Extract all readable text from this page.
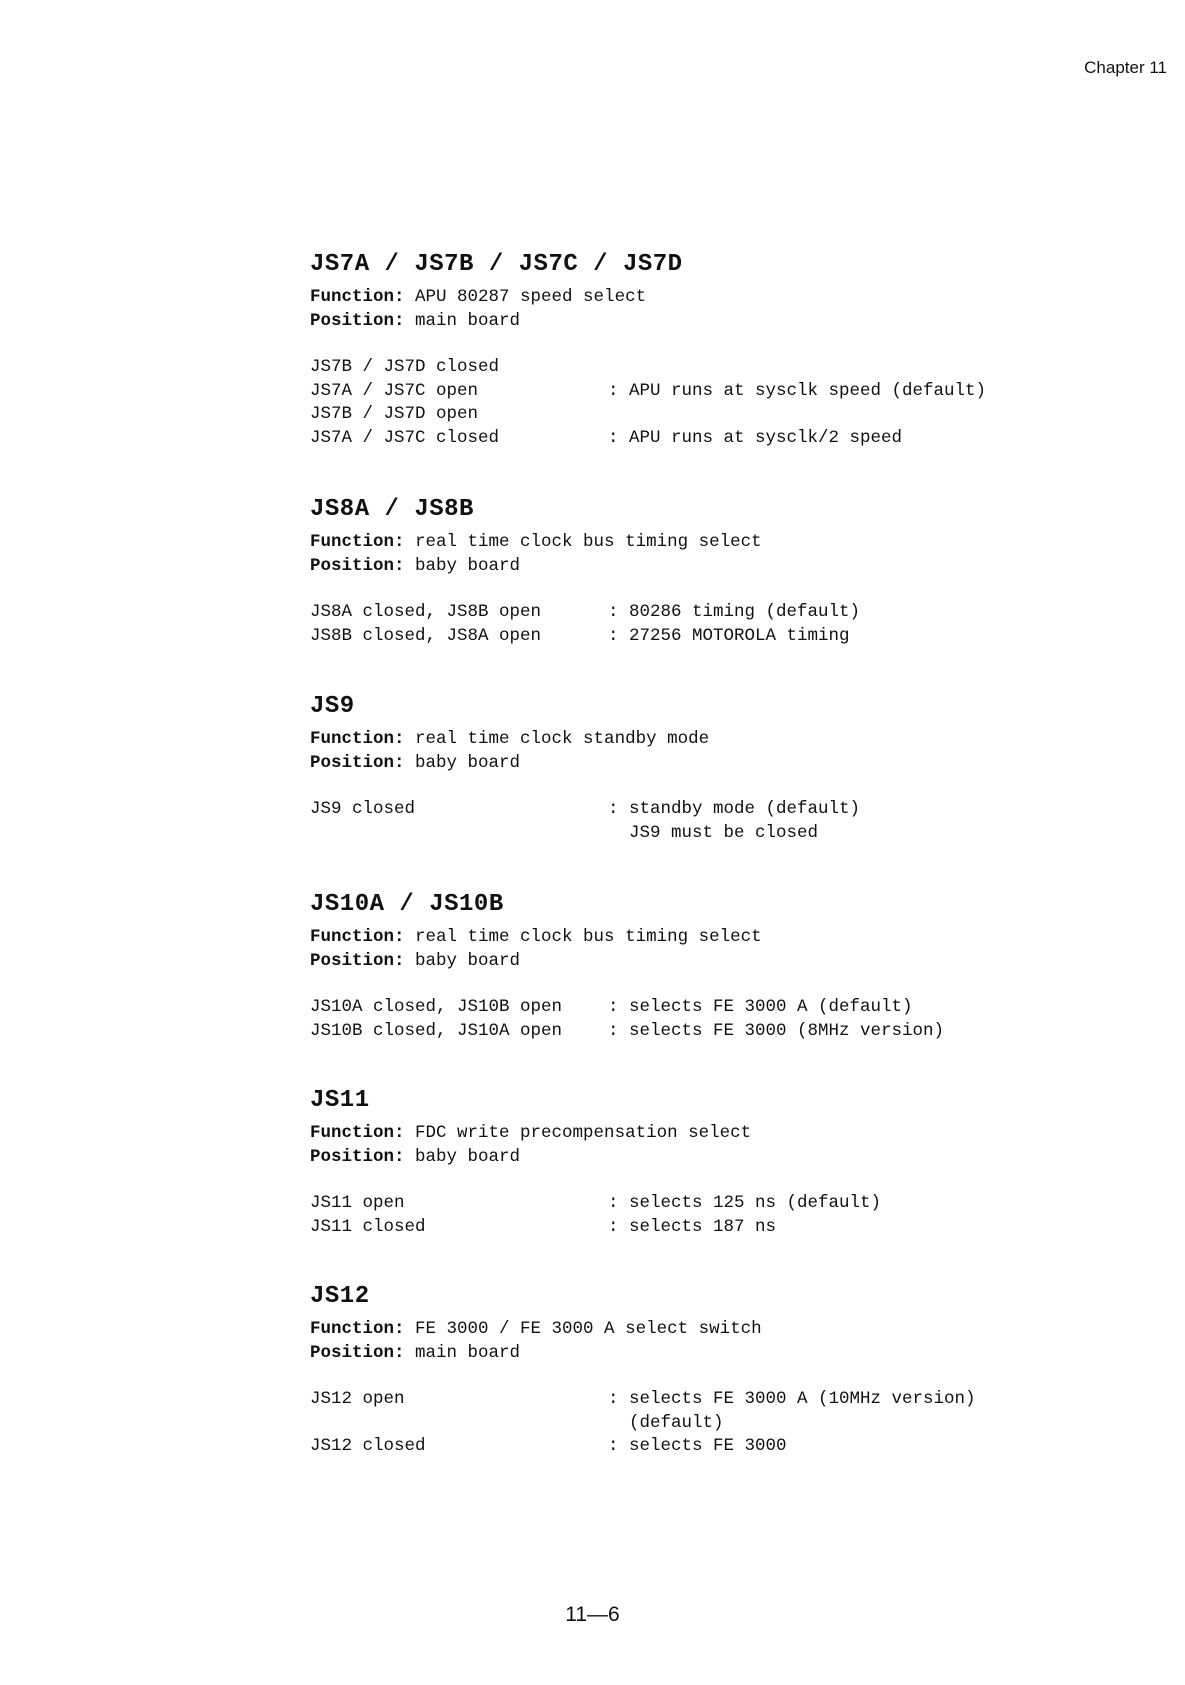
Chapter 11
JS7A / JS7B / JS7C / JS7D
Function: APU 80287 speed select
Position: main board
JS7B / JS7D closed
JS7A / JS7C open	: APU runs at sysclk speed (default)
JS7B / JS7D open
JS7A / JS7C closed	: APU runs at sysclk/2 speed
JS8A / JS8B
Function: real time clock bus timing select
Position: baby board
JS8A closed, JS8B open	: 80286 timing (default)
JS8B closed, JS8A open	: 27256 MOTOROLA timing
JS9
Function: real time clock standby mode
Position: baby board
JS9 closed	: standby mode (default)
JS9 must be closed
JS10A / JS10B
Function: real time clock bus timing select
Position: baby board
JS10A closed, JS10B open	: selects FE 3000 A (default)
JS10B closed, JS10A open	: selects FE 3000 (8MHz version)
JS11
Function: FDC write precompensation select
Position: baby board
JS11 open	: selects 125 ns (default)
JS11 closed	: selects 187 ns
JS12
Function: FE 3000 / FE 3000 A select switch
Position: main board
JS12 open	: selects FE 3000 A (10MHz version)
(default)
JS12 closed	: selects FE 3000
11—6
